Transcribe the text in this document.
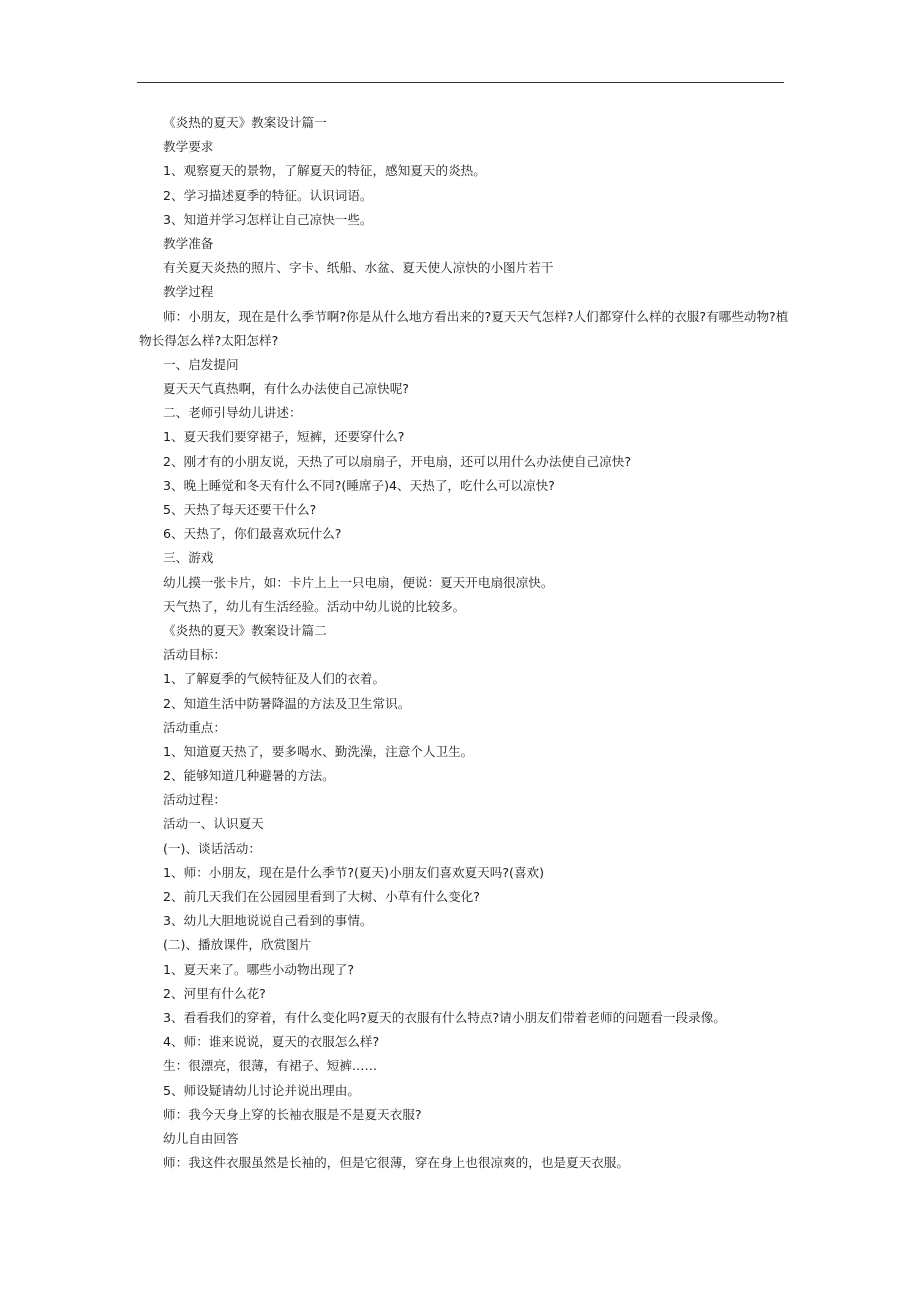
《炎热的夏天》教案设计篇一
教学要求
1、观察夏天的景物，了解夏天的特征，感知夏天的炎热。
2、学习描述夏季的特征。认识词语。
3、知道并学习怎样让自己凉快一些。
教学准备
有关夏天炎热的照片、字卡、纸船、水盆、夏天使人凉快的小图片若干
教学过程
师：小朋友，现在是什么季节啊?你是从什么地方看出来的?夏天天气怎样?人们都穿什么样的衣服?有哪些动物?植物长得怎么样?太阳怎样?
一、启发提问
夏天天气真热啊，有什么办法使自己凉快呢?
二、老师引导幼儿讲述：
1、夏天我们要穿裙子，短裤，还要穿什么?
2、刚才有的小朋友说，天热了可以扇扇子，开电扇，还可以用什么办法使自己凉快?
3、晚上睡觉和冬天有什么不同?(睡席子)4、天热了，吃什么可以凉快?
5、天热了每天还要干什么?
6、天热了，你们最喜欢玩什么?
三、游戏
幼儿摸一张卡片，如：卡片上上一只电扇，便说：夏天开电扇很凉快。
天气热了，幼儿有生活经验。活动中幼儿说的比较多。
《炎热的夏天》教案设计篇二
活动目标：
1、了解夏季的气候特征及人们的衣着。
2、知道生活中防暑降温的方法及卫生常识。
活动重点：
1、知道夏天热了，要多喝水、勤洗澡，注意个人卫生。
2、能够知道几种避暑的方法。
活动过程：
活动一、认识夏天
(一)、谈话活动：
1、师：小朋友，现在是什么季节?(夏天)小朋友们喜欢夏天吗?(喜欢)
2、前几天我们在公园园里看到了大树、小草有什么变化?
3、幼儿大胆地说说自己看到的事情。
(二)、播放课件，欣赏图片
1、夏天来了。哪些小动物出现了?
2、河里有什么花?
3、看看我们的穿着，有什么变化吗?夏天的衣服有什么特点?请小朋友们带着老师的问题看一段录像。
4、师：谁来说说，夏天的衣服怎么样?
生：很漂亮，很薄，有裙子、短裤……
5、师设疑请幼儿讨论并说出理由。
师：我今天身上穿的长袖衣服是不是夏天衣服?
幼儿自由回答
师：我这件衣服虽然是长袖的，但是它很薄，穿在身上也很凉爽的，也是夏天衣服。
